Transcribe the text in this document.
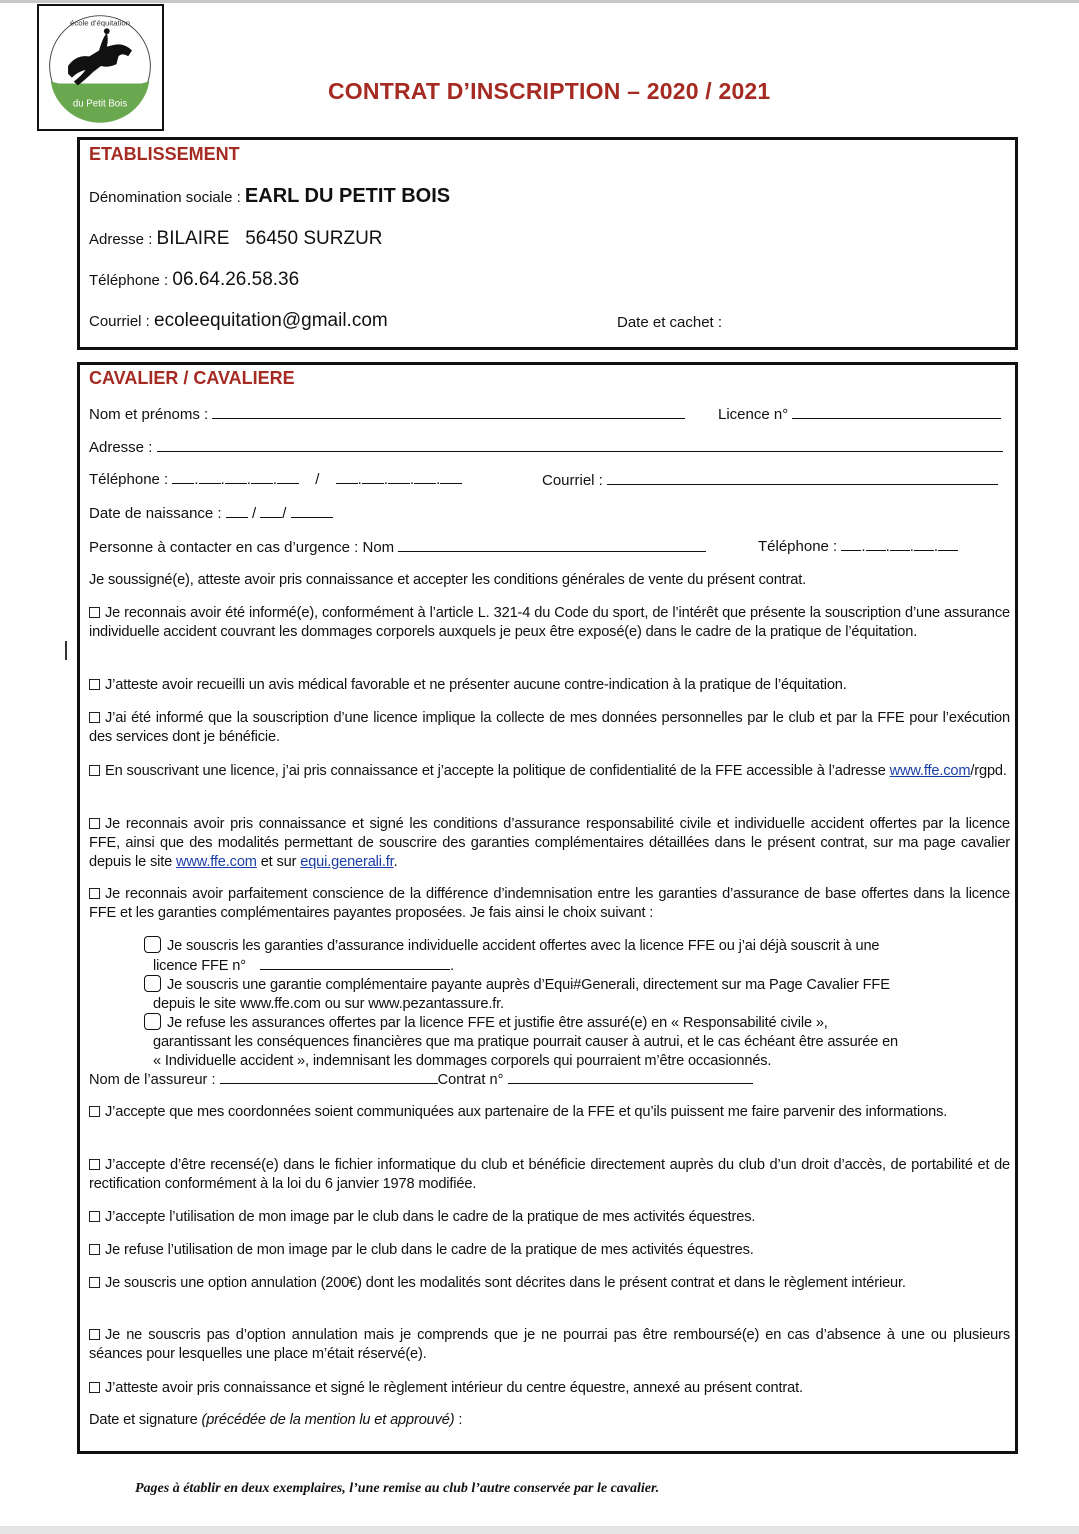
du Petit Bois
école d'équitation
CONTRAT D’INSCRIPTION – 2020 / 2021
ETABLISSEMENT
Dénomination sociale : EARL DU PETIT BOIS
Adresse : BILAIRE   56450 SURZUR
Téléphone : 06.64.26.58.36
Courriel : ecoleequitation@gmail.com	Date et cachet :
CAVALIER / CAVALIERE
Nom et prénoms :	Licence n°
Adresse :
Téléphone : . . . .	/	. . . .	Courriel :
Date de naissance :  / /
Personne à contacter en cas d’urgence : Nom	Téléphone : . . . .
Je soussigné(e), atteste avoir pris connaissance et accepter les conditions générales de vente du présent contrat.
Je reconnais avoir été informé(e), conformément à l’article L. 321-4 du Code du sport, de l’intérêt que présente la souscription d’une assurance individuelle accident couvrant les dommages corporels auxquels je peux être exposé(e) dans le cadre de la pratique de l’équitation.
J’atteste avoir recueilli un avis médical favorable et ne présenter aucune contre-indication à la pratique de l’équitation.
J’ai été informé que la souscription d’une licence implique la collecte de mes données personnelles par le club et par la FFE pour l’exécution des services dont je bénéficie.
En souscrivant une licence, j’ai pris connaissance et j’accepte la politique de confidentialité de la FFE accessible à l’adresse www.ffe.com/rgpd.
Je reconnais avoir pris connaissance et signé les conditions d’assurance responsabilité civile et individuelle accident offertes par la licence FFE, ainsi que des modalités permettant de souscrire des garanties complémentaires détaillées dans le présent contrat, sur ma page cavalier depuis le site www.ffe.com et sur equi.generali.fr.
Je reconnais avoir parfaitement conscience de la différence d’indemnisation entre les garanties d’assurance de base offertes dans la licence FFE et les garanties complémentaires payantes proposées. Je fais ainsi le choix suivant :
Je souscris les garanties d’assurance individuelle accident offertes avec la licence FFE ou j’ai déjà souscrit à une
licence FFE n°	.
Je souscris une garantie complémentaire payante auprès d’Equi#Generali, directement sur ma Page Cavalier FFE
depuis le site www.ffe.com ou sur www.pezantassure.fr.
Je refuse les assurances offertes par la licence FFE et justifie être assuré(e) en « Responsabilité civile »,
garantissant les conséquences financières que ma pratique pourrait causer à autrui, et le cas échéant être assurée en
« Individuelle accident », indemnisant les dommages corporels qui pourraient m’être occasionnés.
Nom de l’assureur :	Contrat n°
J’accepte que mes coordonnées soient communiquées aux partenaire de la FFE et qu’ils puissent me faire parvenir des informations.
J’accepte d’être recensé(e) dans le fichier informatique du club et bénéficie directement auprès du club d’un droit d’accès, de portabilité et de rectification conformément à la loi du 6 janvier 1978 modifiée.
J’accepte l’utilisation de mon image par le club dans le cadre de la pratique de mes activités équestres.
Je refuse l’utilisation de mon image par le club dans le cadre de la pratique de mes activités équestres.
Je souscris une option annulation (200€) dont les modalités sont décrites dans le présent contrat et dans le règlement intérieur.
Je ne souscris pas d’option annulation mais je comprends que je ne pourrai pas être remboursé(e) en cas d’absence à une ou plusieurs séances pour lesquelles une place m’était réservé(e).
J’atteste avoir pris connaissance et signé le règlement intérieur du centre équestre, annexé au présent contrat.
Date et signature (précédée de la mention lu et approuvé) :
Pages à établir en deux exemplaires, l’une remise au club l’autre conservée par le cavalier.
